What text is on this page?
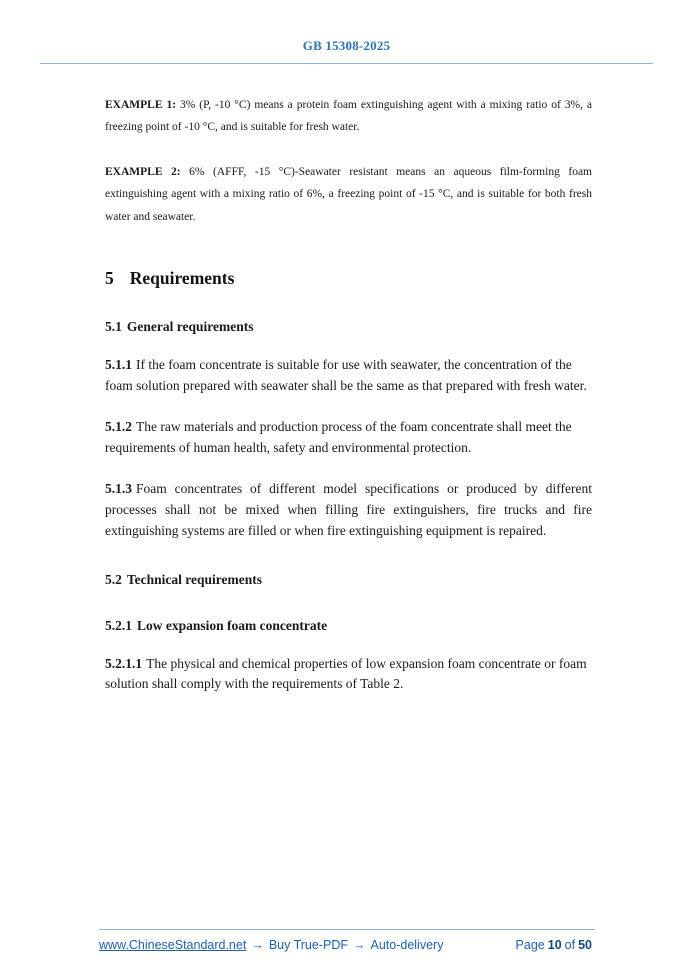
GB 15308-2025

EXAMPLE 1: 3% (P, -10 °C) means a protein foam extinguishing agent with a mixing ratio of 3%, a freezing point of -10 °C, and is suitable for fresh water.

EXAMPLE 2: 6% (AFFF, -15 °C)-Seawater resistant means an aqueous film-forming foam extinguishing agent with a mixing ratio of 6%, a freezing point of -15 °C, and is suitable for both fresh water and seawater.

5 Requirements
5.1 General requirements

5.1.1 If the foam concentrate is suitable for use with seawater, the concentration of the foam solution prepared with seawater shall be the same as that prepared with fresh water.

5.1.2 The raw materials and production process of the foam concentrate shall meet the requirements of human health, safety and environmental protection.

5.1.3 Foam concentrates of different model specifications or produced by different processes shall not be mixed when filling fire extinguishers, fire trucks and fire extinguishing systems are filled or when fire extinguishing equipment is repaired.

5.2 Technical requirements
5.2.1 Low expansion foam concentrate

5.2.1.1 The physical and chemical properties of low expansion foam concentrate or foam solution shall comply with the requirements of Table 2.

www.ChineseStandard.net → Buy True-PDF → Auto-delivery	Page 10 of 50
